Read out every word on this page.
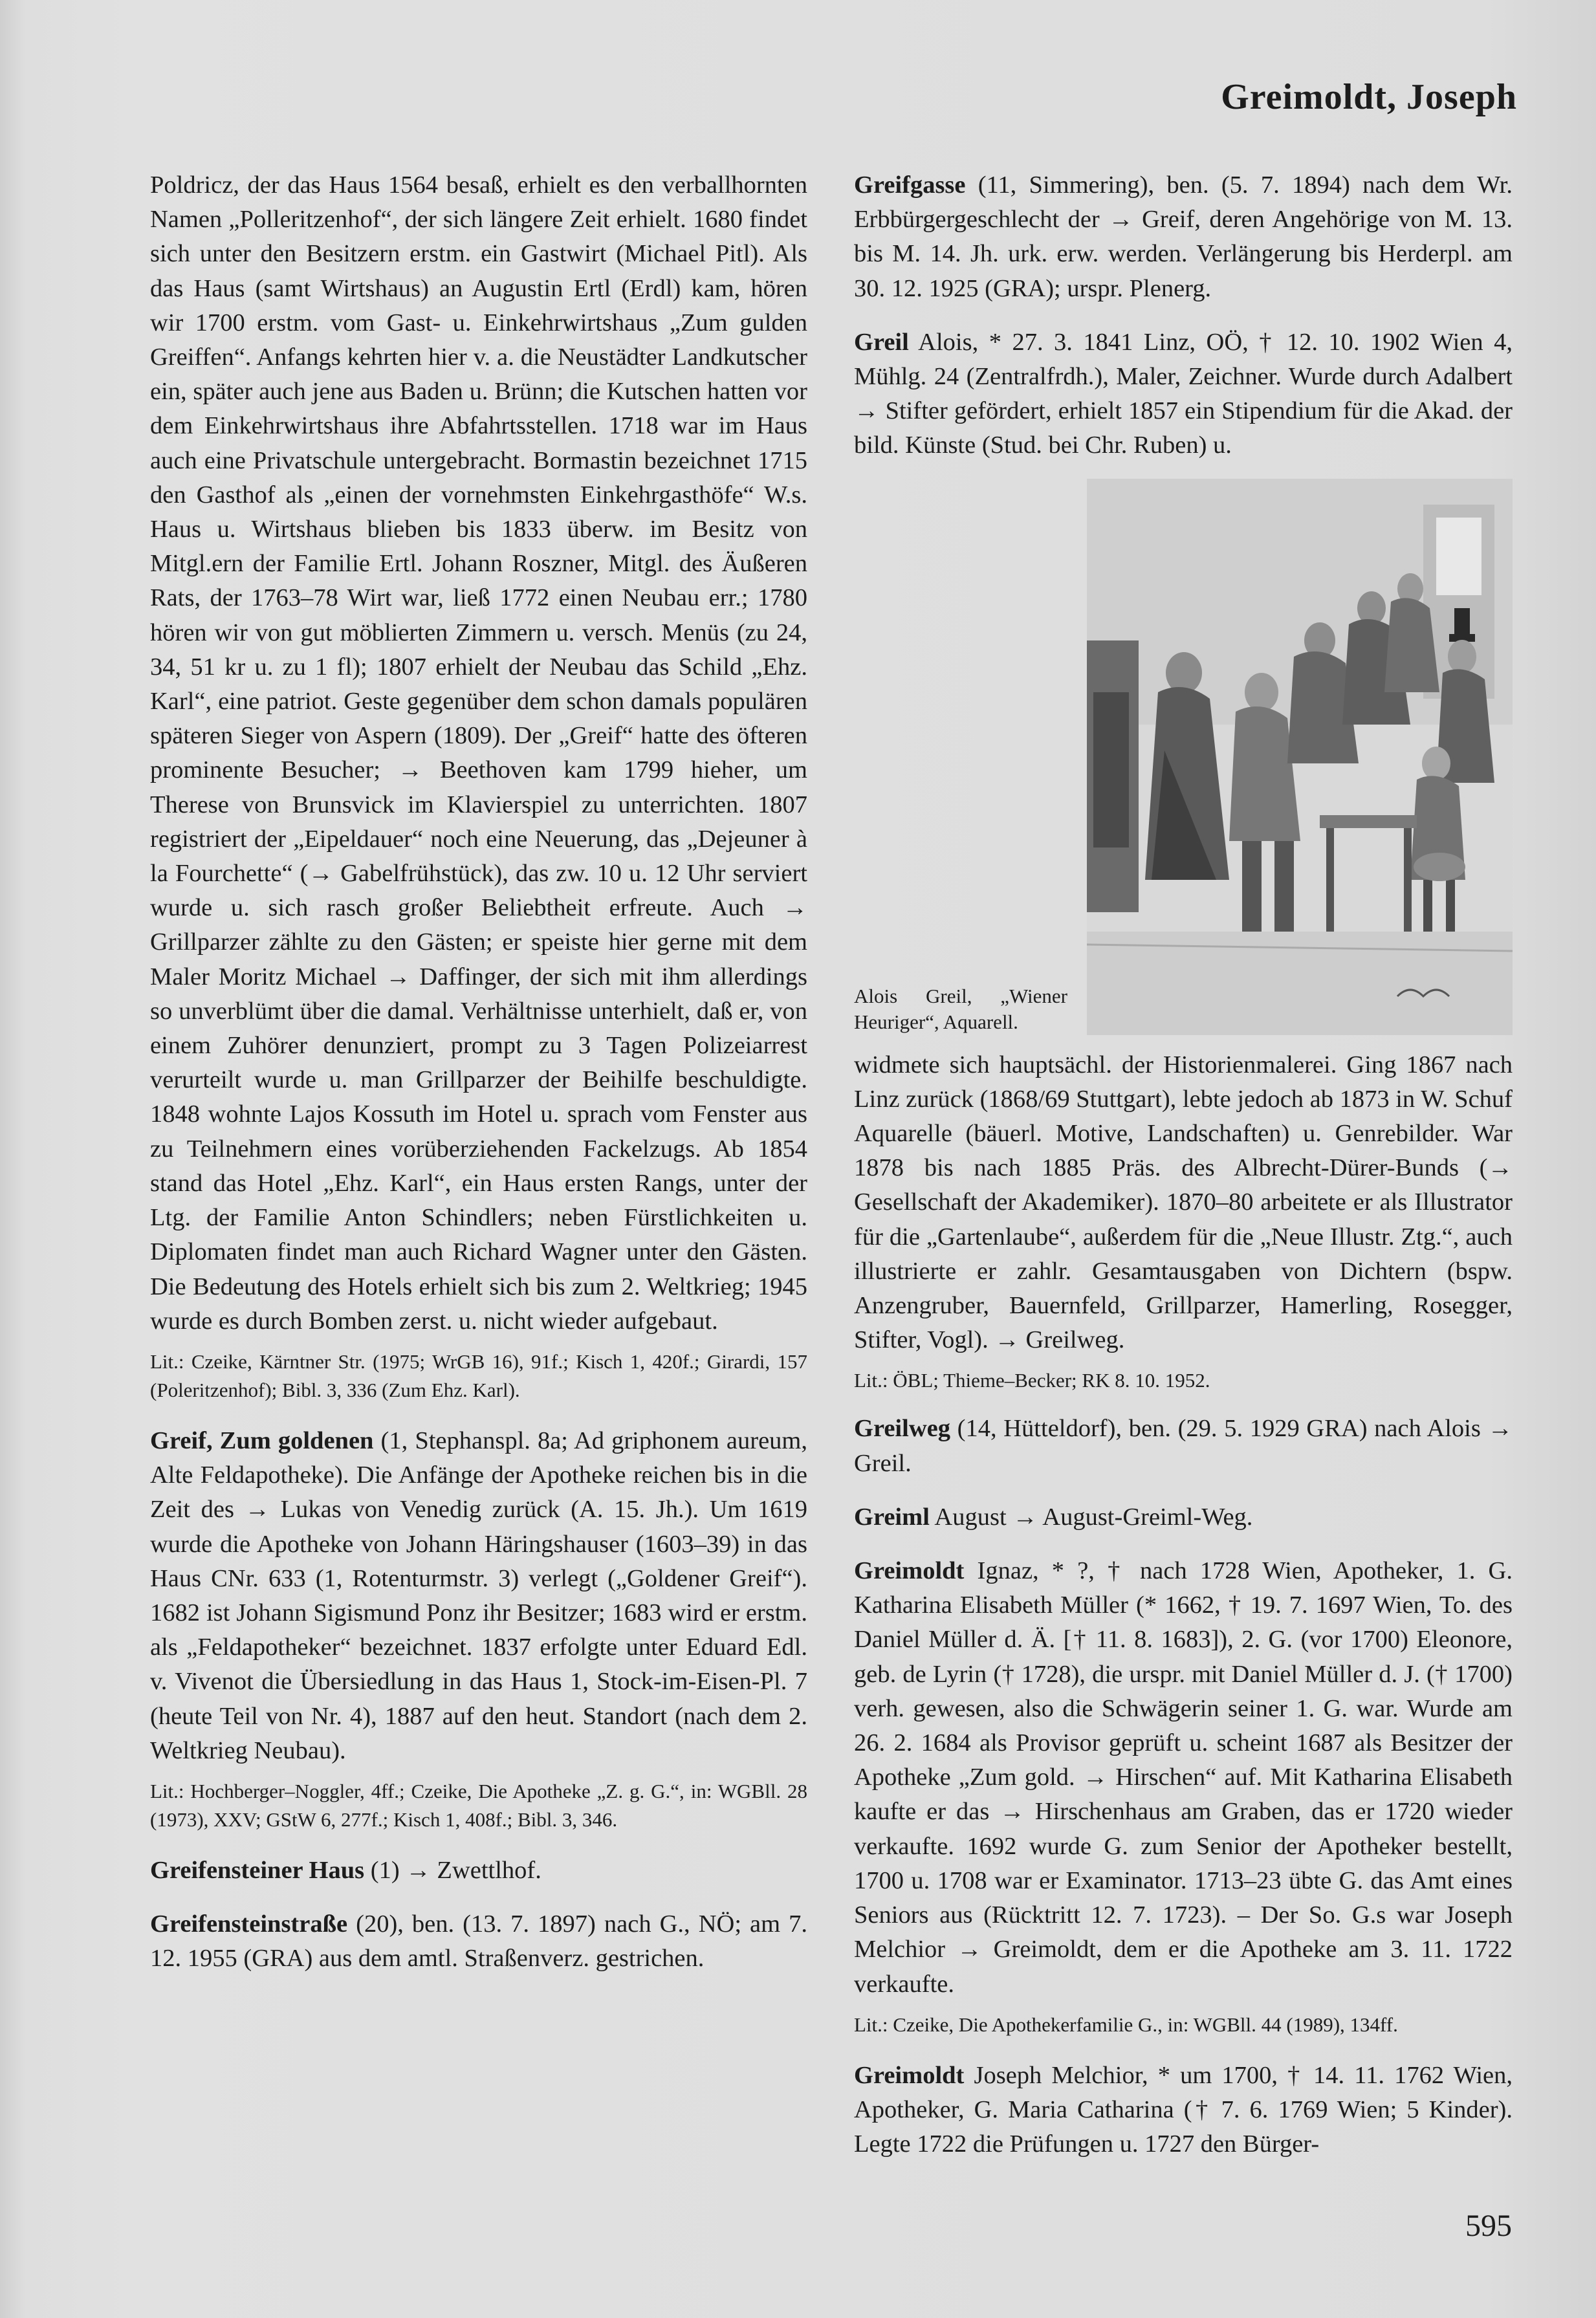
Greimoldt, Joseph

Poldricz, der das Haus 1564 besaß, erhielt es den verballhornten Namen „Polleritzenhof“, der sich längere Zeit erhielt. 1680 findet sich unter den Besitzern erstm. ein Gastwirt (Michael Pitl). Als das Haus (samt Wirtshaus) an Augustin Ertl (Erdl) kam, hören wir 1700 erstm. vom Gast- u. Einkehrwirtshaus „Zum gulden Greiffen“. Anfangs kehrten hier v. a. die Neustädter Landkutscher ein, später auch jene aus Baden u. Brünn; die Kutschen hatten vor dem Einkehrwirtshaus ihre Abfahrtsstellen. 1718 war im Haus auch eine Privatschule untergebracht. Bormastin bezeichnet 1715 den Gasthof als „einen der vornehmsten Einkehrgasthöfe“ W.s. Haus u. Wirtshaus blieben bis 1833 überw. im Besitz von Mitgl.ern der Familie Ertl. Johann Roszner, Mitgl. des Äußeren Rats, der 1763–78 Wirt war, ließ 1772 einen Neubau err.; 1780 hören wir von gut möblierten Zimmern u. versch. Menüs (zu 24, 34, 51 kr u. zu 1 fl); 1807 erhielt der Neubau das Schild „Ehz. Karl“, eine patriot. Geste gegenüber dem schon damals populären späteren Sieger von Aspern (1809). Der „Greif“ hatte des öfteren prominente Besucher; → Beethoven kam 1799 hieher, um Therese von Brunsvick im Klavierspiel zu unterrichten. 1807 registriert der „Eipeldauer“ noch eine Neuerung, das „Dejeuner à la Fourchette“ (→ Gabelfrühstück), das zw. 10 u. 12 Uhr serviert wurde u. sich rasch großer Beliebtheit erfreute. Auch → Grillparzer zählte zu den Gästen; er speiste hier gerne mit dem Maler Moritz Michael → Daffinger, der sich mit ihm allerdings so unverblümt über die damal. Verhältnisse unterhielt, daß er, von einem Zuhörer denunziert, prompt zu 3 Tagen Polizeiarrest verurteilt wurde u. man Grillparzer der Beihilfe beschuldigte. 1848 wohnte Lajos Kossuth im Hotel u. sprach vom Fenster aus zu Teilnehmern eines vorüberziehenden Fackelzugs. Ab 1854 stand das Hotel „Ehz. Karl“, ein Haus ersten Rangs, unter der Ltg. der Familie Anton Schindlers; neben Fürstlichkeiten u. Diplomaten findet man auch Richard Wagner unter den Gästen. Die Bedeutung des Hotels erhielt sich bis zum 2. Weltkrieg; 1945 wurde es durch Bomben zerst. u. nicht wieder aufgebaut.

Lit.: Czeike, Kärntner Str. (1975; WrGB 16), 91f.; Kisch 1, 420f.; Girardi, 157 (Poleritzenhof); Bibl. 3, 336 (Zum Ehz. Karl).

Greif, Zum goldenen (1, Stephanspl. 8a; Ad griphonem aureum, Alte Feldapotheke). Die Anfänge der Apotheke reichen bis in die Zeit des → Lukas von Venedig zurück (A. 15. Jh.). Um 1619 wurde die Apotheke von Johann Häringshauser (1603–39) in das Haus CNr. 633 (1, Rotenturmstr. 3) verlegt („Goldener Greif“). 1682 ist Johann Sigismund Ponz ihr Besitzer; 1683 wird er erstm. als „Feldapotheker“ bezeichnet. 1837 erfolgte unter Eduard Edl. v. Vivenot die Übersiedlung in das Haus 1, Stock-im-Eisen-Pl. 7 (heute Teil von Nr. 4), 1887 auf den heut. Standort (nach dem 2. Weltkrieg Neubau).

Lit.: Hochberger–Noggler, 4ff.; Czeike, Die Apotheke „Z. g. G.“, in: WGBll. 28 (1973), XXV; GStW 6, 277f.; Kisch 1, 408f.; Bibl. 3, 346.

Greifensteiner Haus (1) → Zwettlhof.

Greifensteinstraße (20), ben. (13. 7. 1897) nach G., NÖ; am 7. 12. 1955 (GRA) aus dem amtl. Straßenverz. gestrichen.

Greifgasse (11, Simmering), ben. (5. 7. 1894) nach dem Wr. Erbbürgergeschlecht der → Greif, deren Angehörige von M. 13. bis M. 14. Jh. urk. erw. werden. Verlängerung bis Herderpl. am 30. 12. 1925 (GRA); urspr. Plenerg.

Greil Alois, * 27. 3. 1841 Linz, OÖ, † 12. 10. 1902 Wien 4, Mühlg. 24 (Zentralfrdh.), Maler, Zeichner. Wurde durch Adalbert → Stifter gefördert, erhielt 1857 ein Stipendium für die Akad. der bild. Künste (Stud. bei Chr. Ruben) u.

Alois Greil, „Wiener Heuriger“, Aquarell.

widmete sich hauptsächl. der Historienmalerei. Ging 1867 nach Linz zurück (1868/69 Stuttgart), lebte jedoch ab 1873 in W. Schuf Aquarelle (bäuerl. Motive, Landschaften) u. Genrebilder. War 1878 bis nach 1885 Präs. des Albrecht-Dürer-Bunds (→ Gesellschaft der Akademiker). 1870–80 arbeitete er als Illustrator für die „Gartenlaube“, außerdem für die „Neue Illustr. Ztg.“, auch illustrierte er zahlr. Gesamtausgaben von Dichtern (bspw. Anzengruber, Bauernfeld, Grillparzer, Hamerling, Rosegger, Stifter, Vogl). → Greilweg.

Lit.: ÖBL; Thieme–Becker; RK 8. 10. 1952.

Greilweg (14, Hütteldorf), ben. (29. 5. 1929 GRA) nach Alois → Greil.

Greiml August → August-Greiml-Weg.

Greimoldt Ignaz, * ?, † nach 1728 Wien, Apotheker, 1. G. Katharina Elisabeth Müller (* 1662, † 19. 7. 1697 Wien, To. des Daniel Müller d. Ä. [† 11. 8. 1683]), 2. G. (vor 1700) Eleonore, geb. de Lyrin († 1728), die urspr. mit Daniel Müller d. J. († 1700) verh. gewesen, also die Schwägerin seiner 1. G. war. Wurde am 26. 2. 1684 als Provisor geprüft u. scheint 1687 als Besitzer der Apotheke „Zum gold. → Hirschen“ auf. Mit Katharina Elisabeth kaufte er das → Hirschenhaus am Graben, das er 1720 wieder verkaufte. 1692 wurde G. zum Senior der Apotheker bestellt, 1700 u. 1708 war er Examinator. 1713–23 übte G. das Amt eines Seniors aus (Rücktritt 12. 7. 1723). – Der So. G.s war Joseph Melchior → Greimoldt, dem er die Apotheke am 3. 11. 1722 verkaufte.

Lit.: Czeike, Die Apothekerfamilie G., in: WGBll. 44 (1989), 134ff.

Greimoldt Joseph Melchior, * um 1700, † 14. 11. 1762 Wien, Apotheker, G. Maria Catharina († 7. 6. 1769 Wien; 5 Kinder). Legte 1722 die Prüfungen u. 1727 den Bürger-

595
